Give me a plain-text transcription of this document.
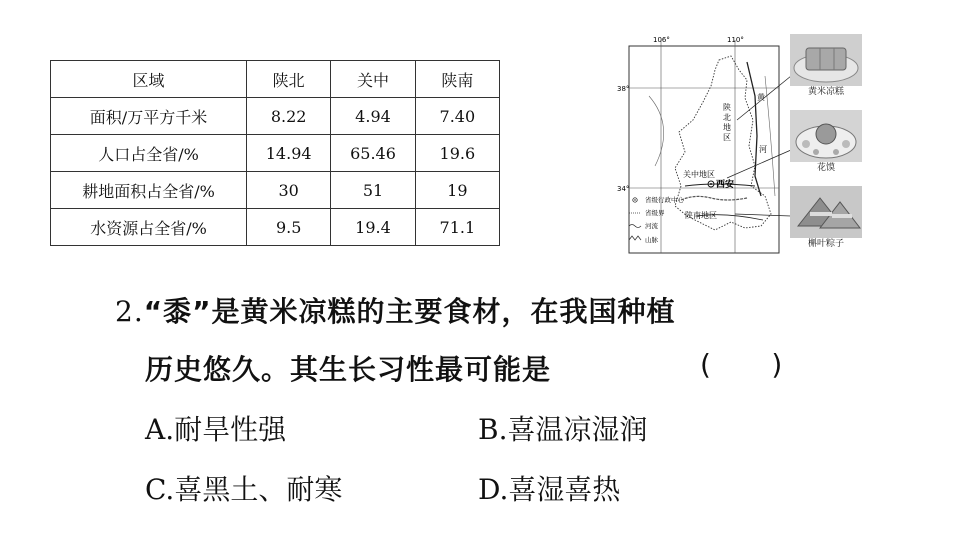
区域	陕北	关中	陕南
面积/万平方千米	8.22	4.94	7.40
人口占全省/%	14.94	65.46	19.6
耕地面积占全省/%	30	51	19
水资源占全省/%	9.5	19.4	71.1
106°	110°
38°
34°
陕
北
地
区
关中地区
陕南地区
西安
黄
河
省级行政中心
省级界
河流
山脉
黄米凉糕
花馍
槲叶粽子
2.“黍”是黄米凉糕的主要食材，在我国种植
历史悠久。其生长习性最可能是	(      )
A.耐旱性强	B.喜温凉湿润
C.喜黑土、耐寒	D.喜湿喜热
